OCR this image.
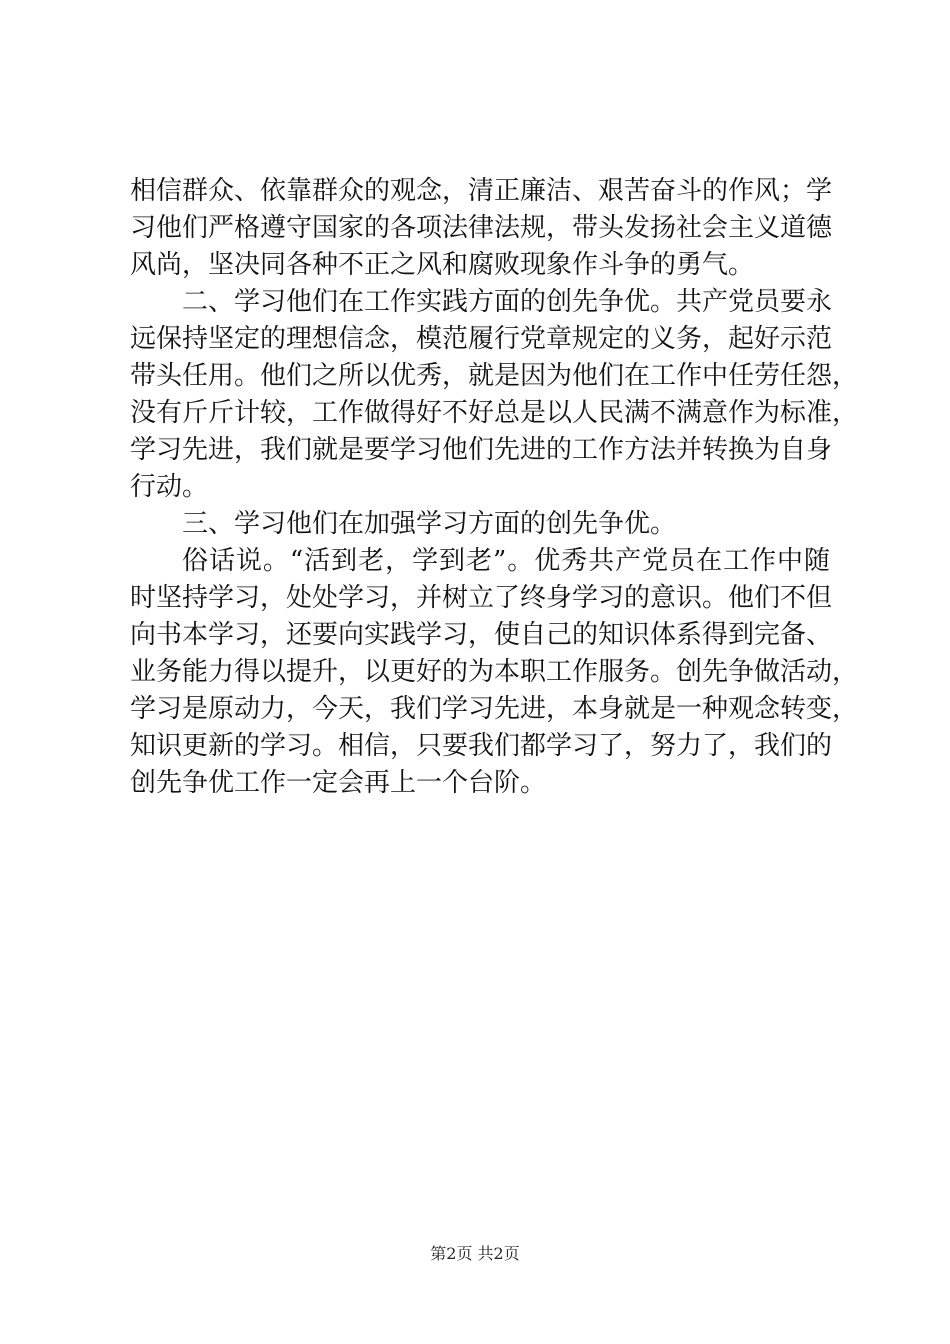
相信群众、依靠群众的观念，清正廉洁、艰苦奋斗的作风；学
习他们严格遵守国家的各项法律法规，带头发扬社会主义道德
风尚，坚决同各种不正之风和腐败现象作斗争的勇气。
二、学习他们在工作实践方面的创先争优。共产党员要永
远保持坚定的理想信念，模范履行党章规定的义务，起好示范
带头任用。他们之所以优秀，就是因为他们在工作中任劳任怨，
没有斤斤计较，工作做得好不好总是以人民满不满意作为标准，
学习先进，我们就是要学习他们先进的工作方法并转换为自身
行动。
三、学习他们在加强学习方面的创先争优。
俗话说。“活到老，学到老”。优秀共产党员在工作中随
时坚持学习，处处学习，并树立了终身学习的意识。他们不但
向书本学习，还要向实践学习，使自己的知识体系得到完备、
业务能力得以提升，以更好的为本职工作服务。创先争做活动，
学习是原动力，今天，我们学习先进，本身就是一种观念转变，
知识更新的学习。相信，只要我们都学习了，努力了，我们的
创先争优工作一定会再上一个台阶。
第2页 共2页
